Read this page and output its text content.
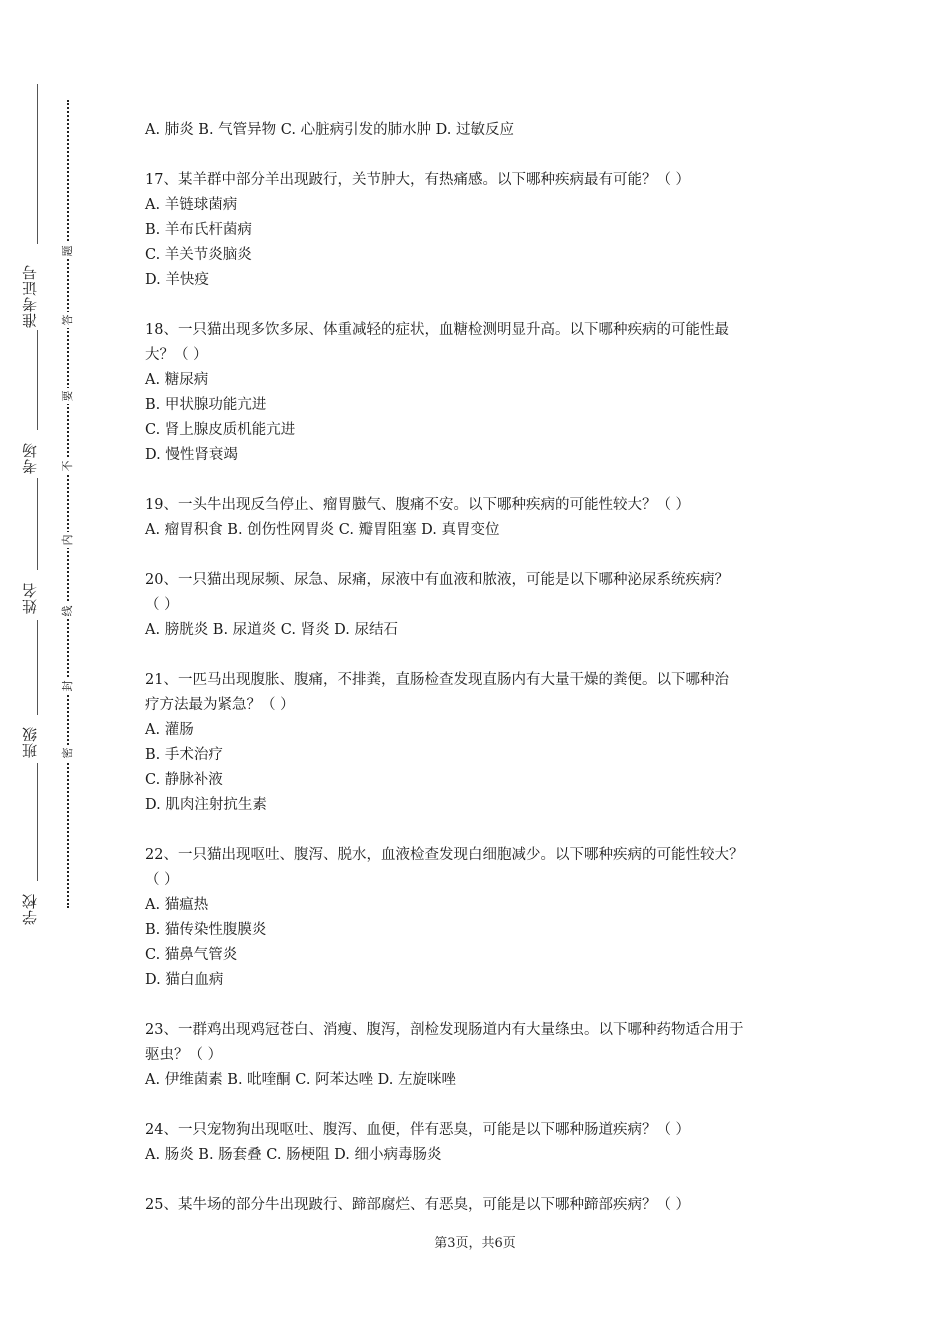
准考证号
考场
姓名
班级
学校
题
答
要
不
内
线
封
密
A. 肺炎 B. 气管异物 C. 心脏病引发的肺水肿 D. 过敏反应
17、某羊群中部分羊出现跛行，关节肿大，有热痛感。以下哪种疾病最有可能？（ ）
A. 羊链球菌病
B. 羊布氏杆菌病
C. 羊关节炎脑炎
D. 羊快疫
18、一只猫出现多饮多尿、体重减轻的症状，血糖检测明显升高。以下哪种疾病的可能性最
大？（ ）
A. 糖尿病
B. 甲状腺功能亢进
C. 肾上腺皮质机能亢进
D. 慢性肾衰竭
19、一头牛出现反刍停止、瘤胃臌气、腹痛不安。以下哪种疾病的可能性较大？（ ）
A. 瘤胃积食 B. 创伤性网胃炎 C. 瓣胃阻塞 D. 真胃变位
20、一只猫出现尿频、尿急、尿痛，尿液中有血液和脓液，可能是以下哪种泌尿系统疾病？
（ ）
A. 膀胱炎 B. 尿道炎 C. 肾炎 D. 尿结石
21、一匹马出现腹胀、腹痛，不排粪，直肠检查发现直肠内有大量干燥的粪便。以下哪种治
疗方法最为紧急？（ ）
A. 灌肠
B. 手术治疗
C. 静脉补液
D. 肌肉注射抗生素
22、一只猫出现呕吐、腹泻、脱水，血液检查发现白细胞减少。以下哪种疾病的可能性较大？
（ ）
A. 猫瘟热
B. 猫传染性腹膜炎
C. 猫鼻气管炎
D. 猫白血病
23、一群鸡出现鸡冠苍白、消瘦、腹泻，剖检发现肠道内有大量绦虫。以下哪种药物适合用于
驱虫？（ ）
A. 伊维菌素 B. 吡喹酮 C. 阿苯达唑 D. 左旋咪唑
24、一只宠物狗出现呕吐、腹泻、血便，伴有恶臭，可能是以下哪种肠道疾病？（ ）
A. 肠炎 B. 肠套叠 C. 肠梗阻 D. 细小病毒肠炎
25、某牛场的部分牛出现跛行、蹄部腐烂、有恶臭，可能是以下哪种蹄部疾病？（ ）
第3页，共6页
